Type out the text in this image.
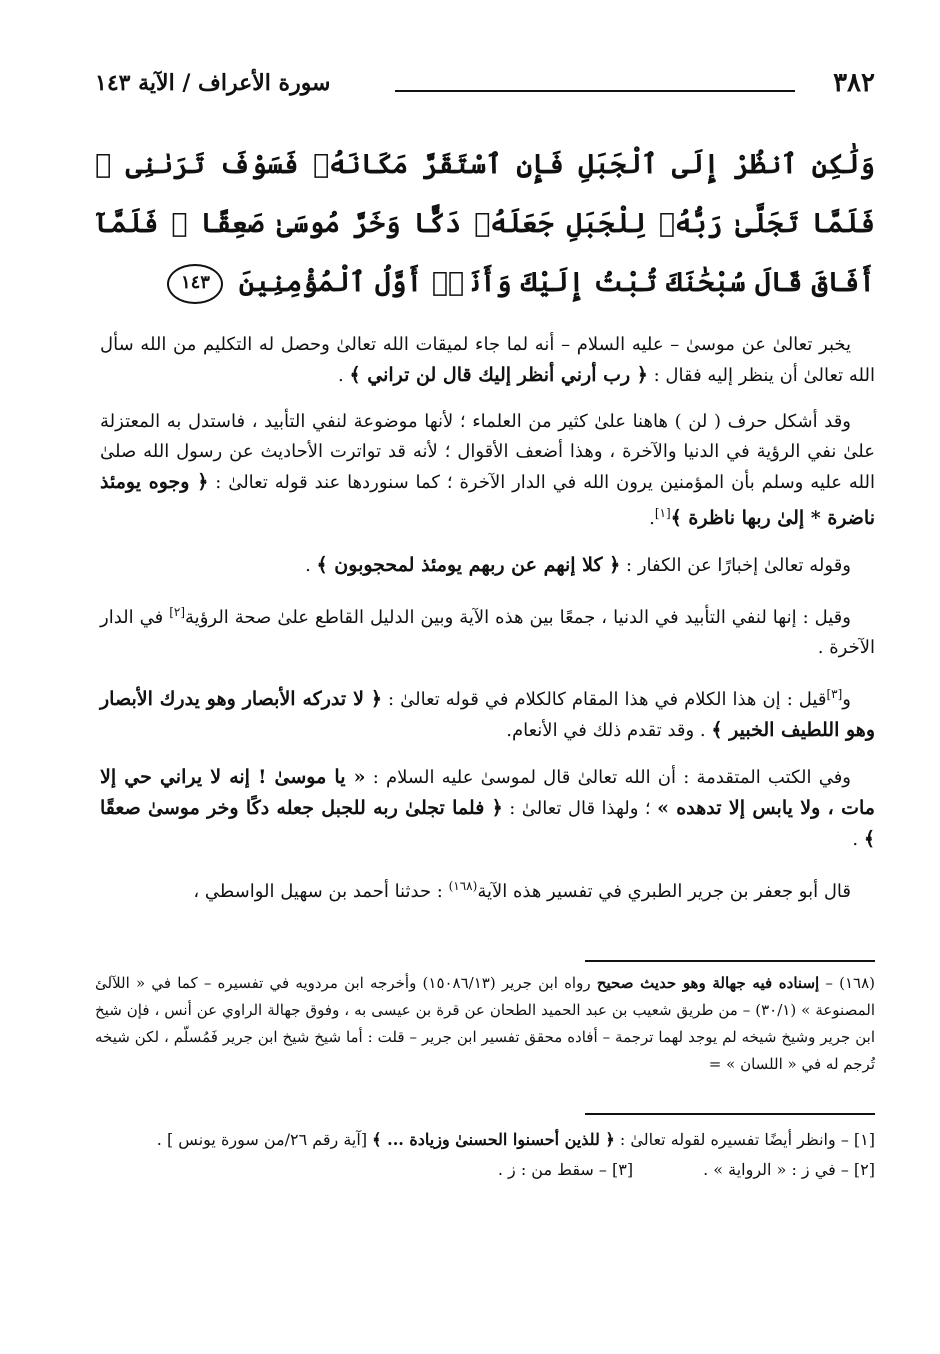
٣٨٢
سورة الأعراف / الآية ١٤٣
وَلَٰكِنِ ٱنظُرْ إِلَى ٱلْجَبَلِ فَإِنِ ٱسْتَقَرَّ مَكَانَهُۥ فَسَوْفَ تَرَىٰنِى ۚ فَلَمَّا تَجَلَّىٰ رَبُّهُۥ لِلْجَبَلِ جَعَلَهُۥ دَكًّا وَخَرَّ مُوسَىٰ صَعِقًا ۚ فَلَمَّآ أَفَاقَ قَالَ سُبْحَٰنَكَ تُبْتُ إِلَيْكَ وَأَنَا۠ أَوَّلُ ٱلْمُؤْمِنِينَ ١٤٣

يخبر تعالىٰ عن موسىٰ – عليه السلام – أنه لما جاء لميقات الله تعالىٰ وحصل له التكليم من الله سأل الله تعالىٰ أن ينظر إليه فقال : ﴿ رب أرني أنظر إليك قال لن تراني ﴾ .

وقد أشكل حرف ( لن ) هاهنا علىٰ كثير من العلماء ؛ لأنها موضوعة لنفي التأبيد ، فاستدل به المعتزلة علىٰ نفي الرؤية في الدنيا والآخرة ، وهذا أضعف الأقوال ؛ لأنه قد تواترت الأحاديث عن رسول الله صلىٰ الله عليه وسلم بأن المؤمنين يرون الله في الدار الآخرة ؛ كما سنوردها عند قوله تعالىٰ : ﴿ وجوه يومئذ ناضرة * إلىٰ ربها ناظرة ﴾[١].

وقوله تعالىٰ إخبارًا عن الكفار : ﴿ كلا إنهم عن ربهم يومئذ لمحجوبون ﴾ .

وقيل : إنها لنفي التأبيد في الدنيا ، جمعًا بين هذه الآية وبين الدليل القاطع علىٰ صحة الرؤية[٢] في الدار الآخرة .

و[٣]قيل : إن هذا الكلام في هذا المقام كالكلام في قوله تعالىٰ : ﴿ لا تدركه الأبصار وهو يدرك الأبصار وهو اللطيف الخبير ﴾ . وقد تقدم ذلك في الأنعام.

وفي الكتب المتقدمة : أن الله تعالىٰ قال لموسىٰ عليه السلام : « يا موسىٰ ! إنه لا يراني حي إلا مات ، ولا يابس إلا تدهده » ؛ ولهذا قال تعالىٰ : ﴿ فلما تجلىٰ ربه للجبل جعله دكًا وخر موسىٰ صعقًا ﴾ .

قال أبو جعفر بن جرير الطبري في تفسير هذه الآية$^{(١٦٨)}$ : حدثنا أحمد بن سهيل الواسطي ،

(١٦٨) – إسناده فيه جهالة وهو حديث صحيح رواه ابن جرير (١٥٠٨٦/١٣) وأخرجه ابن مردويه في تفسيره – كما في « اللآلئ المصنوعة » (٣٠/١) – من طريق شعيب بن عبد الحميد الطحان عن قرة بن عيسى به ، وفوق جهالة الراوي عن أنس ، فإن شيخ ابن جرير وشيخ شيخه لم يوجد لهما ترجمة – أفاده محقق تفسير ابن جرير – قلت : أما شيخ شيخ ابن جرير فَمُسلّم ، لكن شيخه تُرجم له في « اللسان » =

[١] – وانظر أيضًا تفسيره لقوله تعالىٰ : ﴿ للذين أحسنوا الحسنىٰ وزيادة ... ﴾ [آية رقم ٢٦/من سورة يونس ] .

[٢] – في ز : « الرواية » .

[٣] – سقط من : ز .
